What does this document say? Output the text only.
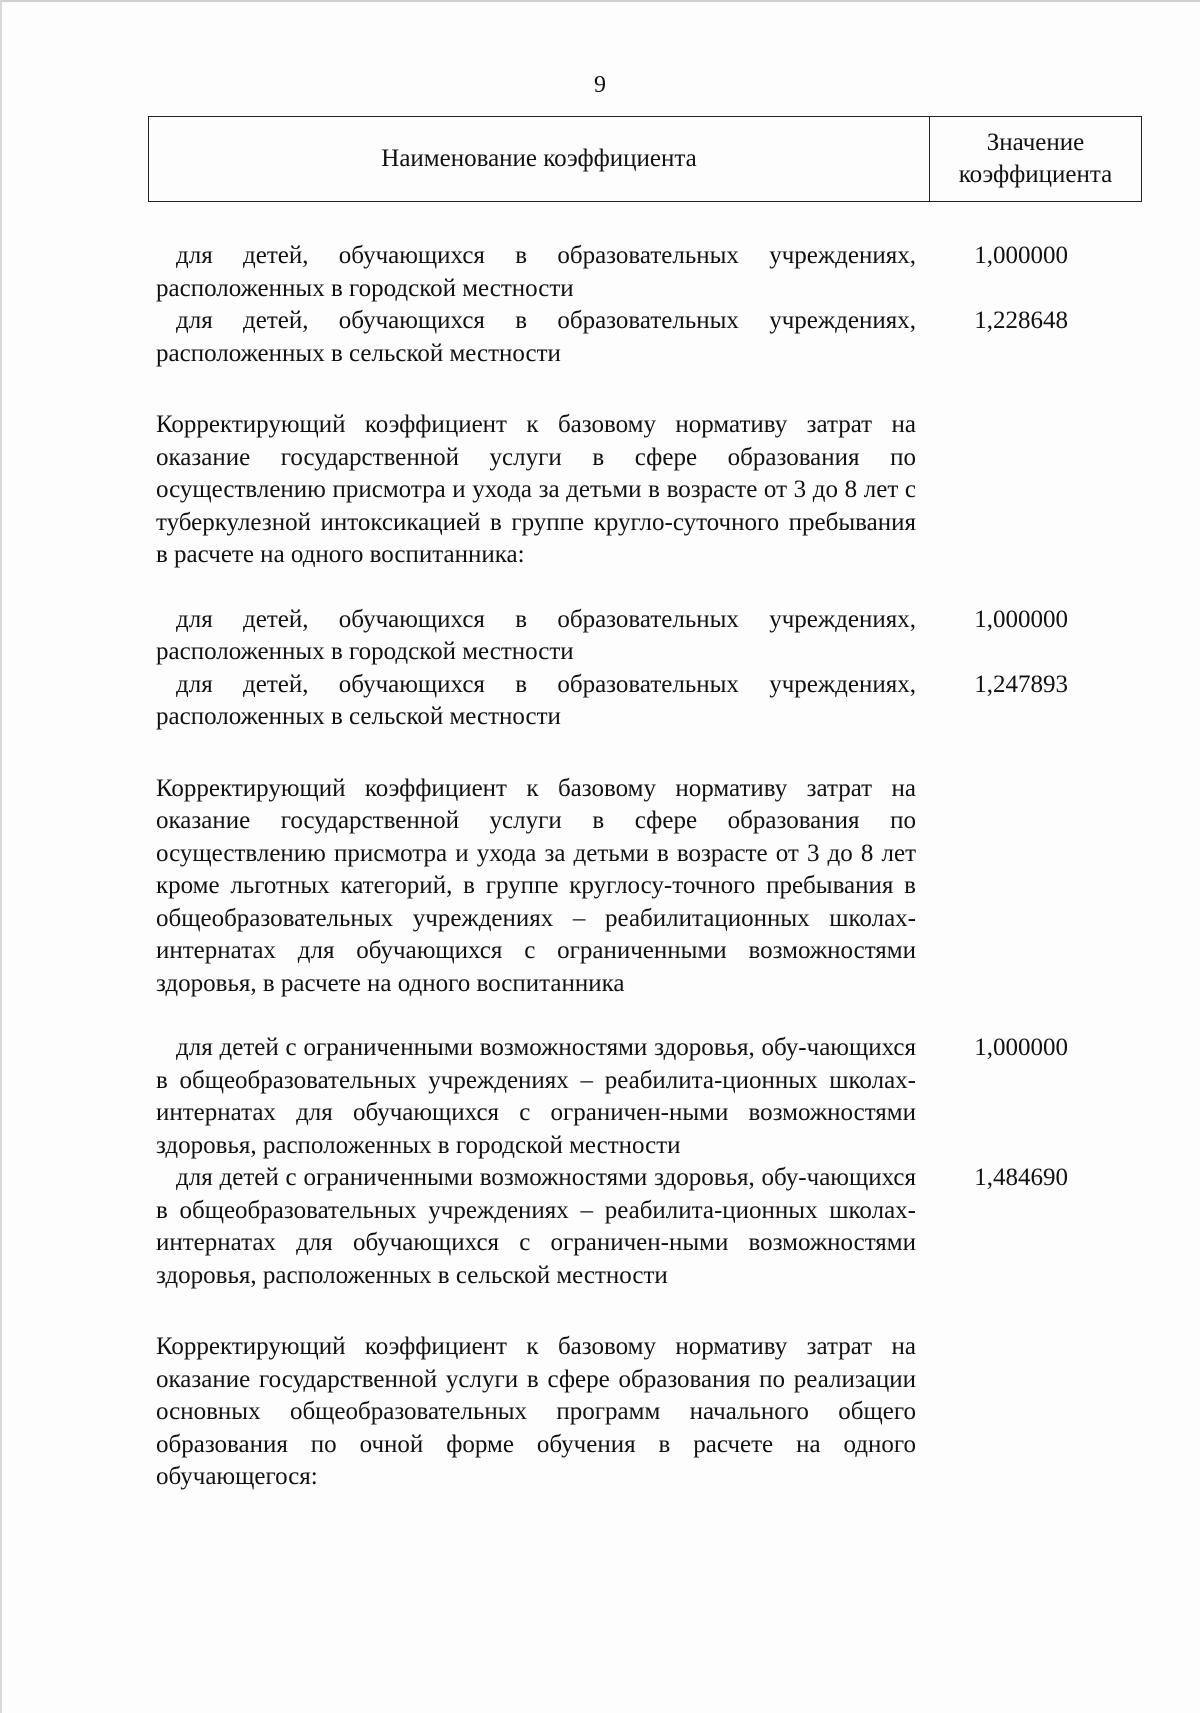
9
Наименование коэффициента
Значение коэффициента
для детей, обучающихся в образовательных учреждениях, расположенных в городской местности
1,000000
для детей, обучающихся в образовательных учреждениях, расположенных в сельской местности
1,228648
Корректирующий коэффициент к базовому нормативу затрат на оказание государственной услуги в сфере образования по осуществлению присмотра и ухода за детьми в возрасте от 3 до 8 лет с туберкулезной интоксикацией в группе кругло-суточного пребывания в расчете на одного воспитанника:
для детей, обучающихся в образовательных учреждениях, расположенных в городской местности
1,000000
для детей, обучающихся в образовательных учреждениях, расположенных в сельской местности
1,247893
Корректирующий коэффициент к базовому нормативу затрат на оказание государственной услуги в сфере образования по осуществлению присмотра и ухода за детьми в возрасте от 3 до 8 лет кроме льготных категорий, в группе круглосу-точного пребывания в общеобразовательных учреждениях – реабилитационных школах-интернатах для обучающихся с ограниченными возможностями здоровья, в расчете на одного воспитанника
для детей с ограниченными возможностями здоровья, обу-чающихся в общеобразовательных учреждениях – реабилита-ционных школах-интернатах для обучающихся с ограничен-ными возможностями здоровья, расположенных в городской местности
1,000000
для детей с ограниченными возможностями здоровья, обу-чающихся в общеобразовательных учреждениях – реабилита-ционных школах-интернатах для обучающихся с ограничен-ными возможностями здоровья, расположенных в сельской местности
1,484690
Корректирующий коэффициент к базовому нормативу затрат на оказание государственной услуги в сфере образования по реализации основных общеобразовательных программ начального общего образования по очной форме обучения в расчете на одного обучающегося:
